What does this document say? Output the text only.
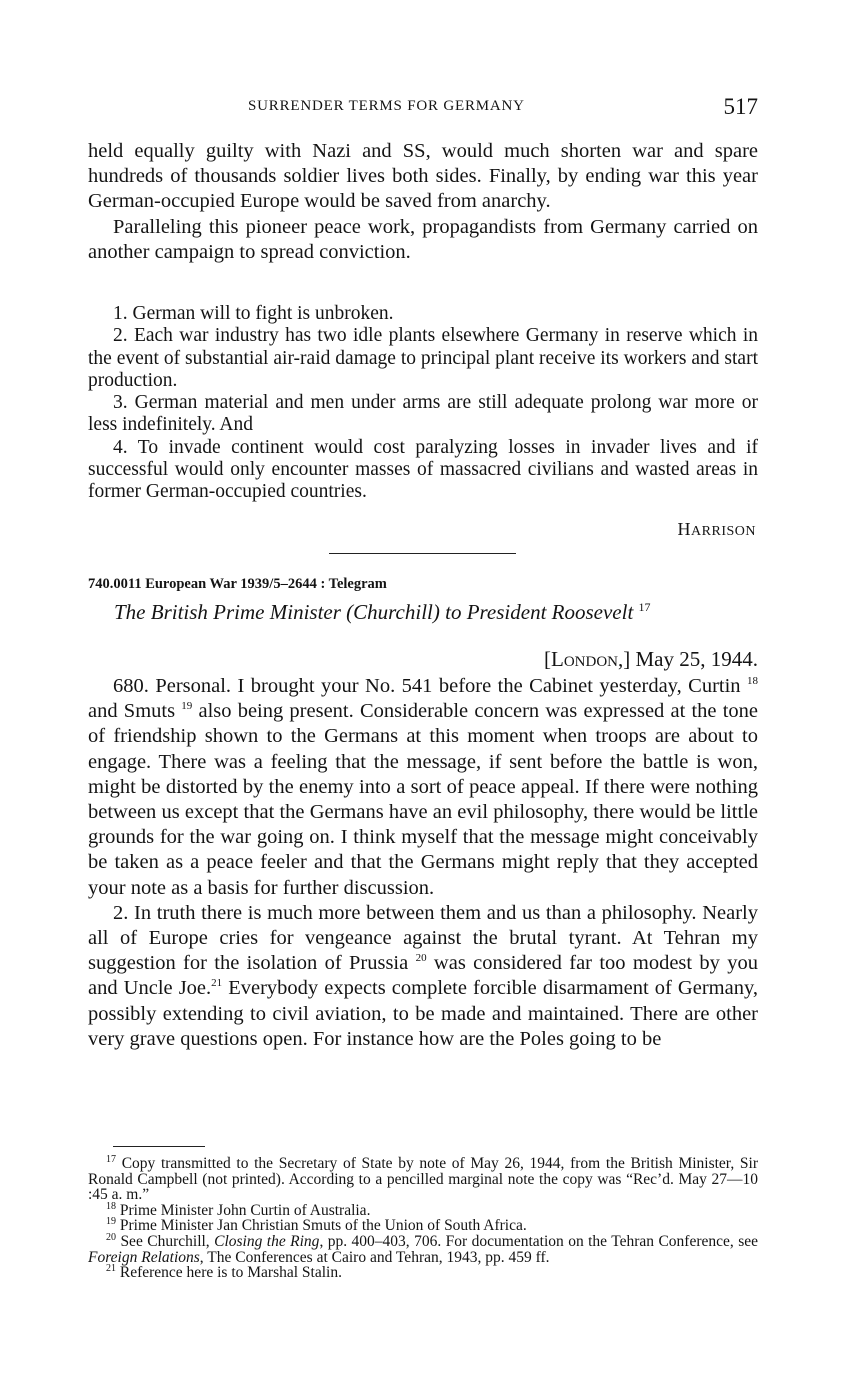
SURRENDER TERMS FOR GERMANY	517

held equally guilty with Nazi and SS, would much shorten war and spare hundreds of thousands soldier lives both sides. Finally, by ending war this year German-occupied Europe would be saved from anarchy.

Paralleling this pioneer peace work, propagandists from Germany carried on another campaign to spread conviction.

1. German will to fight is unbroken.

2. Each war industry has two idle plants elsewhere Germany in reserve which in the event of substantial air-raid damage to principal plant receive its workers and start production.

3. German material and men under arms are still adequate prolong war more or less indefinitely. And

4. To invade continent would cost paralyzing losses in invader lives and if successful would only encounter masses of massacred civilians and wasted areas in former German-occupied countries.

HARRISON
740.0011 European War 1939/5–2644 : Telegram
The British Prime Minister (Churchill) to President Roosevelt $^{17}$
[LONDON,] May 25, 1944.

680. Personal. I brought your No. 541 before the Cabinet yesterday, Curtin $^{18}$ and Smuts $^{19}$ also being present. Considerable concern was expressed at the tone of friendship shown to the Germans at this moment when troops are about to engage. There was a feeling that the message, if sent before the battle is won, might be distorted by the enemy into a sort of peace appeal. If there were nothing between us except that the Germans have an evil philosophy, there would be little grounds for the war going on. I think myself that the message might conceivably be taken as a peace feeler and that the Germans might reply that they accepted your note as a basis for further discussion.

2. In truth there is much more between them and us than a philosophy. Nearly all of Europe cries for vengeance against the brutal tyrant. At Tehran my suggestion for the isolation of Prussia $^{20}$ was considered far too modest by you and Uncle Joe.$^{21}$ Everybody expects complete forcible disarmament of Germany, possibly extending to civil aviation, to be made and maintained. There are other very grave questions open. For instance how are the Poles going to be

$^{17}$ Copy transmitted to the Secretary of State by note of May 26, 1944, from the British Minister, Sir Ronald Campbell (not printed). According to a pencilled marginal note the copy was “Rec’d. May 27—10 :45 a. m.”

$^{18}$ Prime Minister John Curtin of Australia.

$^{19}$ Prime Minister Jan Christian Smuts of the Union of South Africa.

$^{20}$ See Churchill, Closing the Ring, pp. 400–403, 706. For documentation on the Tehran Conference, see Foreign Relations, The Conferences at Cairo and Tehran, 1943, pp. 459 ff.

$^{21}$ Reference here is to Marshal Stalin.
